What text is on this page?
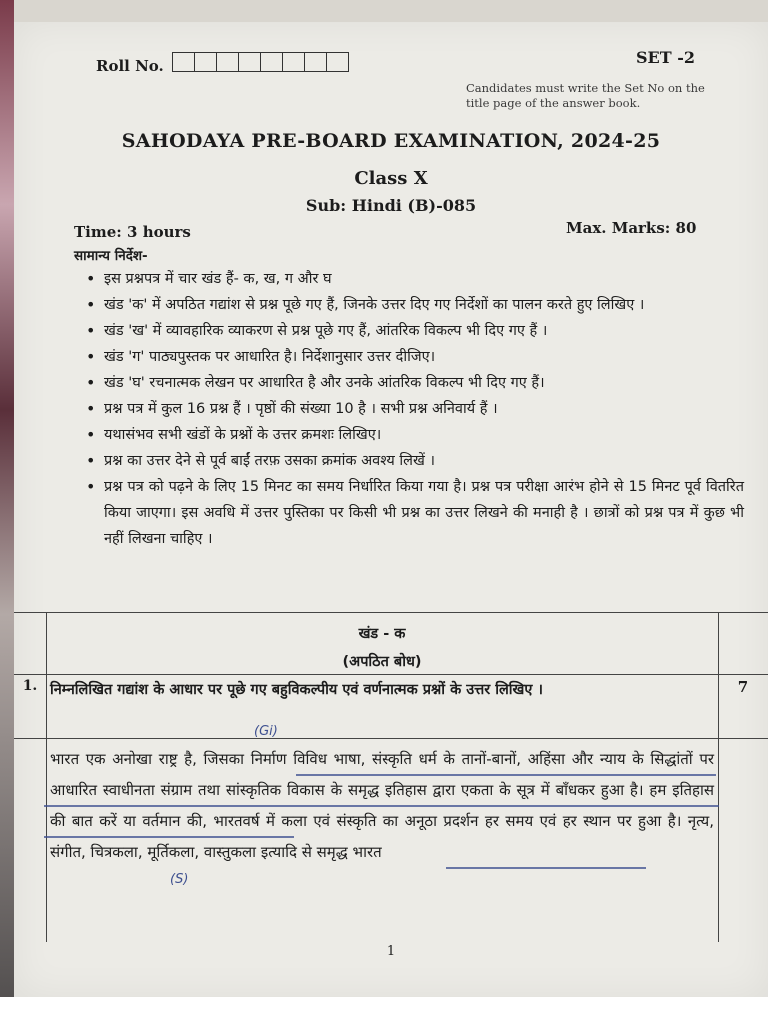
Roll No.	SET -2
Candidates must write the Set No on the title page of the answer book.
SAHODAYA PRE-BOARD EXAMINATION, 2024-25
Class X
Sub: Hindi (B)-085
Time: 3 hours	Max. Marks: 80
सामान्य निर्देश-
• इस प्रश्नपत्र में चार खंड हैं- क, ख, ग और घ
• खंड 'क' में अपठित गद्यांश से प्रश्न पूछे गए हैं, जिनके उत्तर दिए गए निर्देशों का पालन करते हुए लिखिए ।
• खंड 'ख' में व्यावहारिक व्याकरण से प्रश्न पूछे गए हैं, आंतरिक विकल्प भी दिए गए हैं ।
• खंड 'ग' पाठ्यपुस्तक पर आधारित है। निर्देशानुसार उत्तर दीजिए।
• खंड 'घ' रचनात्मक लेखन पर आधारित है और उनके आंतरिक विकल्प भी दिए गए हैं।
• प्रश्न पत्र में कुल 16 प्रश्न हैं । पृष्ठों की संख्या 10 है । सभी प्रश्न अनिवार्य हैं ।
• यथासंभव सभी खंडों के प्रश्नों के उत्तर क्रमशः लिखिए।
• प्रश्न का उत्तर देने से पूर्व बाईं तरफ़ उसका क्रमांक अवश्य लिखें ।
• प्रश्न पत्र को पढ़ने के लिए 15 मिनट का समय निर्धारित किया गया है। प्रश्न पत्र परीक्षा आरंभ होने से 15 मिनट पूर्व वितरित किया जाएगा। इस अवधि में उत्तर पुस्तिका पर किसी भी प्रश्न का उत्तर लिखने की मनाही है । छात्रों को प्रश्न पत्र में कुछ भी नहीं लिखना चाहिए ।
खंड - क
(अपठित बोध)
1. निम्नलिखित गद्यांश के आधार पर पूछे गए बहुविकल्पीय एवं वर्णनात्मक प्रश्नों के उत्तर लिखिए ।	7
भारत एक अनोखा राष्ट्र है, जिसका निर्माण विविध भाषा, संस्कृति धर्म के तानों-बानों, अहिंसा और न्याय के सिद्धांतों पर आधारित स्वाधीनता संग्राम तथा सांस्कृतिक विकास के समृद्ध इतिहास द्वारा एकता के सूत्र में बाँधकर हुआ है। हम इतिहास की बात करें या वर्तमान की, भारतवर्ष में कला एवं संस्कृति का अनूठा प्रदर्शन हर समय एवं हर स्थान पर हुआ है। नृत्य, संगीत, चित्रकला, मूर्तिकला, वास्तुकला इत्यादि से समृद्ध भारत
(Gi)
(S)
1
